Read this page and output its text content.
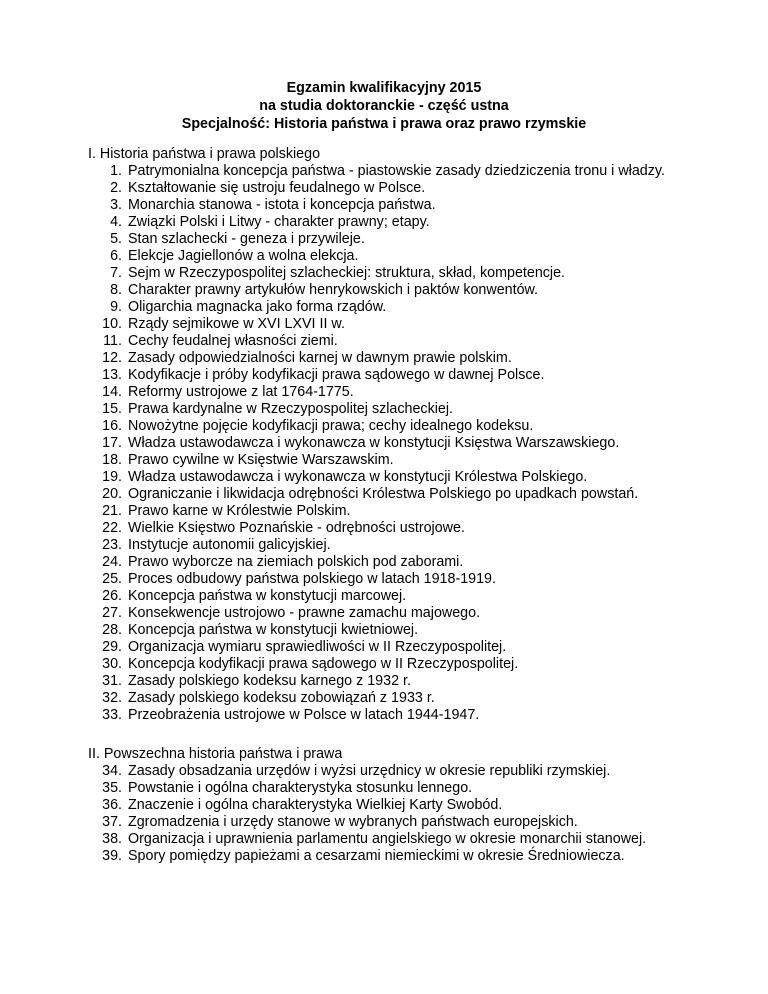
Egzamin kwalifikacyjny 2015
na studia doktoranckie - część ustna
Specjalność: Historia państwa i prawa oraz prawo rzymskie
I. Historia państwa i prawa polskiego
1. Patrymonialna koncepcja państwa - piastowskie zasady dziedziczenia tronu i władzy.
2. Kształtowanie się ustroju feudalnego w Polsce.
3. Monarchia stanowa - istota i koncepcja państwa.
4. Związki Polski i Litwy - charakter prawny; etapy.
5. Stan szlachecki - geneza i przywileje.
6. Elekcje Jagiellonów a wolna elekcja.
7. Sejm w Rzeczypospolitej szlacheckiej: struktura, skład, kompetencje.
8. Charakter prawny artykułów henrykowskich i paktów konwentów.
9. Oligarchia magnacka jako forma rządów.
10. Rządy sejmikowe w XVI LXVI II w.
11. Cechy feudalnej własności ziemi.
12. Zasady odpowiedzialności karnej w dawnym prawie polskim.
13. Kodyfikacje i próby kodyfikacji prawa sądowego w dawnej Polsce.
14. Reformy ustrojowe z lat 1764-1775.
15. Prawa kardynalne w Rzeczypospolitej szlacheckiej.
16. Nowożytne pojęcie kodyfikacji prawa; cechy idealnego kodeksu.
17. Władza ustawodawcza i wykonawcza w konstytucji Księstwa Warszawskiego.
18. Prawo cywilne w Księstwie Warszawskim.
19. Władza ustawodawcza i wykonawcza w konstytucji Królestwa Polskiego.
20. Ograniczanie i likwidacja odrębności Królestwa Polskiego po upadkach powstań.
21. Prawo karne w Królestwie Polskim.
22. Wielkie Księstwo Poznańskie - odrębności ustrojowe.
23. Instytucje autonomii galicyjskiej.
24. Prawo wyborcze na ziemiach polskich pod zaborami.
25. Proces odbudowy państwa polskiego w latach 1918-1919.
26. Koncepcja państwa w konstytucji marcowej.
27. Konsekwencje ustrojowo - prawne zamachu majowego.
28. Koncepcja państwa w konstytucji kwietniowej.
29. Organizacja wymiaru sprawiedliwości w II Rzeczypospolitej.
30. Koncepcja kodyfikacji prawa sądowego w II Rzeczypospolitej.
31. Zasady polskiego kodeksu karnego z 1932 r.
32. Zasady polskiego kodeksu zobowiązań z 1933 r.
33. Przeobrażenia ustrojowe w Polsce w latach 1944-1947.
II. Powszechna historia państwa i prawa
34. Zasady obsadzania urzędów i wyżsi urzędnicy w okresie republiki rzymskiej.
35. Powstanie i ogólna charakterystyka stosunku lennego.
36. Znaczenie i ogólna charakterystyka Wielkiej Karty Swobód.
37. Zgromadzenia i urzędy stanowe w wybranych państwach europejskich.
38. Organizacja i uprawnienia parlamentu angielskiego w okresie monarchii stanowej.
39. Spory pomiędzy papieżami a cesarzami niemieckimi w okresie Średniowiecza.
